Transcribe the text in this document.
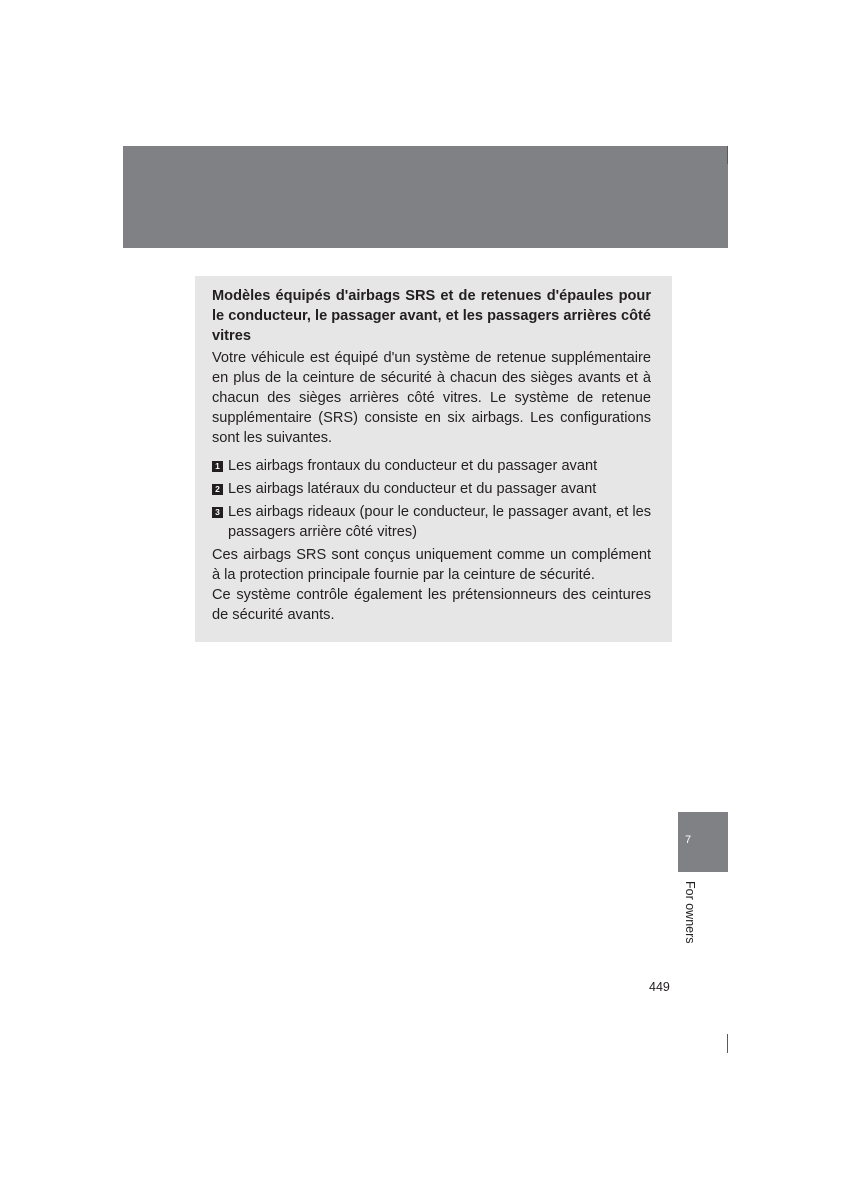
Modèles équipés d'airbags SRS et de retenues d'épaules pour le conducteur, le passager avant, et les passagers arrières côté vitres

Votre véhicule est équipé d'un système de retenue supplémentaire en plus de la ceinture de sécurité à chacun des sièges avants et à chacun des sièges arrières côté vitres. Le système de retenue supplémentaire (SRS) consiste en six airbags. Les configurations sont les suivantes.

1 Les airbags frontaux du conducteur et du passager avant
2 Les airbags latéraux du conducteur et du passager avant
3 Les airbags rideaux (pour le conducteur, le passager avant, et les passagers arrière côté vitres)

Ces airbags SRS sont conçus uniquement comme un complément à la protection principale fournie par la ceinture de sécurité.

Ce système contrôle également les prétensionneurs des ceintures de sécurité avants.

7
For owners
449
